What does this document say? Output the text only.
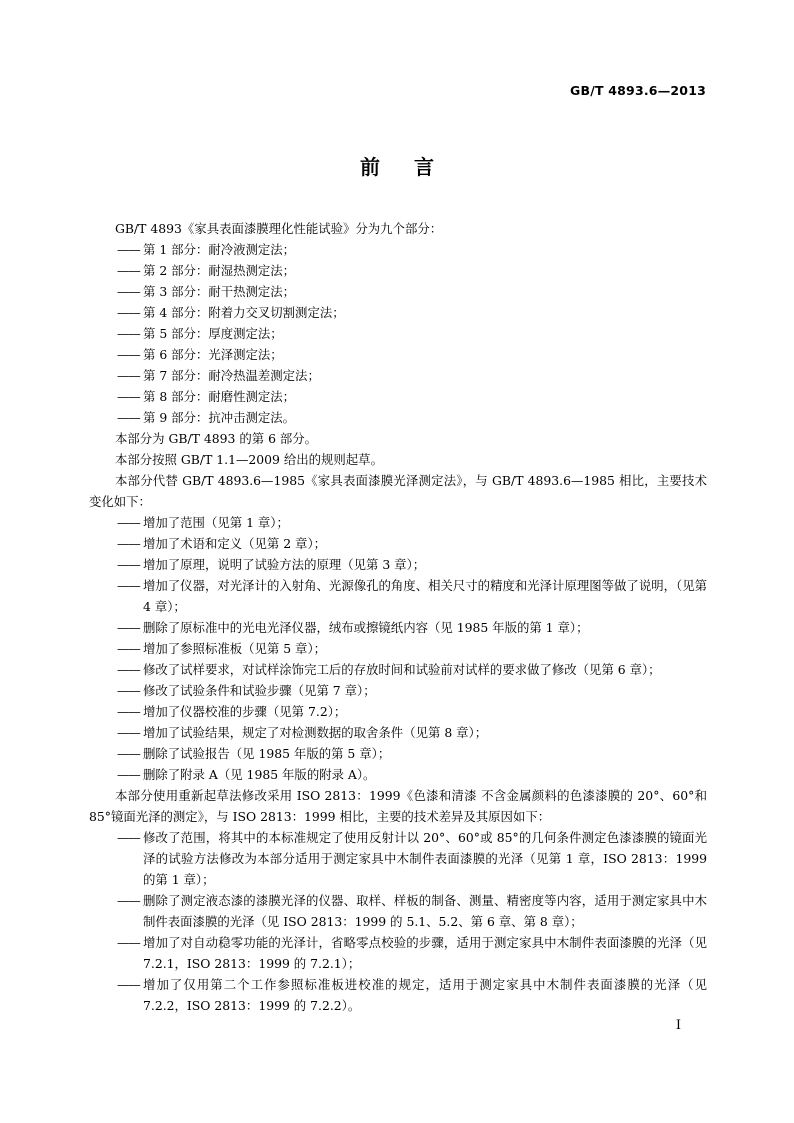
GB/T 4893.6—2013
前言

GB/T 4893《家具表面漆膜理化性能试验》分为九个部分：

—— 第 1 部分：耐冷液测定法；

—— 第 2 部分：耐湿热测定法；

—— 第 3 部分：耐干热测定法；

—— 第 4 部分：附着力交叉切割测定法；

—— 第 5 部分：厚度测定法；

—— 第 6 部分：光泽测定法；

—— 第 7 部分：耐冷热温差测定法；

—— 第 8 部分：耐磨性测定法；

—— 第 9 部分：抗冲击测定法。

本部分为 GB/T 4893 的第 6 部分。

本部分按照 GB/T 1.1—2009 给出的规则起草。

本部分代替 GB/T 4893.6—1985《家具表面漆膜光泽测定法》，与 GB/T 4893.6—1985 相比，主要技术变化如下：

—— 增加了范围（见第 1 章）；

—— 增加了术语和定义（见第 2 章）；

—— 增加了原理，说明了试验方法的原理（见第 3 章）；

—— 增加了仪器，对光泽计的入射角、光源像孔的角度、相关尺寸的精度和光泽计原理图等做了说明，（见第 4 章）；

—— 删除了原标准中的光电光泽仪器，绒布或擦镜纸内容（见 1985 年版的第 1 章）；

—— 增加了参照标准板（见第 5 章）；

—— 修改了试样要求，对试样涂饰完工后的存放时间和试验前对试样的要求做了修改（见第 6 章）；

—— 修改了试验条件和试验步骤（见第 7 章）；

—— 增加了仪器校准的步骤（见第 7.2）；

—— 增加了试验结果，规定了对检测数据的取舍条件（见第 8 章）；

—— 删除了试验报告（见 1985 年版的第 5 章）；

—— 删除了附录 A（见 1985 年版的附录 A）。

本部分使用重新起草法修改采用 ISO 2813：1999《色漆和清漆 不含金属颜料的色漆漆膜的 20°、60°和 85°镜面光泽的测定》，与 ISO 2813：1999 相比，主要的技术差异及其原因如下：

—— 修改了范围，将其中的本标准规定了使用反射计以 20°、60°或 85°的几何条件测定色漆漆膜的镜面光泽的试验方法修改为本部分适用于测定家具中木制件表面漆膜的光泽（见第 1 章，ISO 2813：1999 的第 1 章）；

—— 删除了测定液态漆的漆膜光泽的仪器、取样、样板的制备、测量、精密度等内容，适用于测定家具中木制件表面漆膜的光泽（见 ISO 2813：1999 的 5.1、5.2、第 6 章、第 8 章）；

—— 增加了对自动稳零功能的光泽计，省略零点校验的步骤，适用于测定家具中木制件表面漆膜的光泽（见 7.2.1，ISO 2813：1999 的 7.2.1）；

—— 增加了仅用第二个工作参照标准板进校准的规定，适用于测定家具中木制件表面漆膜的光泽（见 7.2.2，ISO 2813：1999 的 7.2.2）。

I
